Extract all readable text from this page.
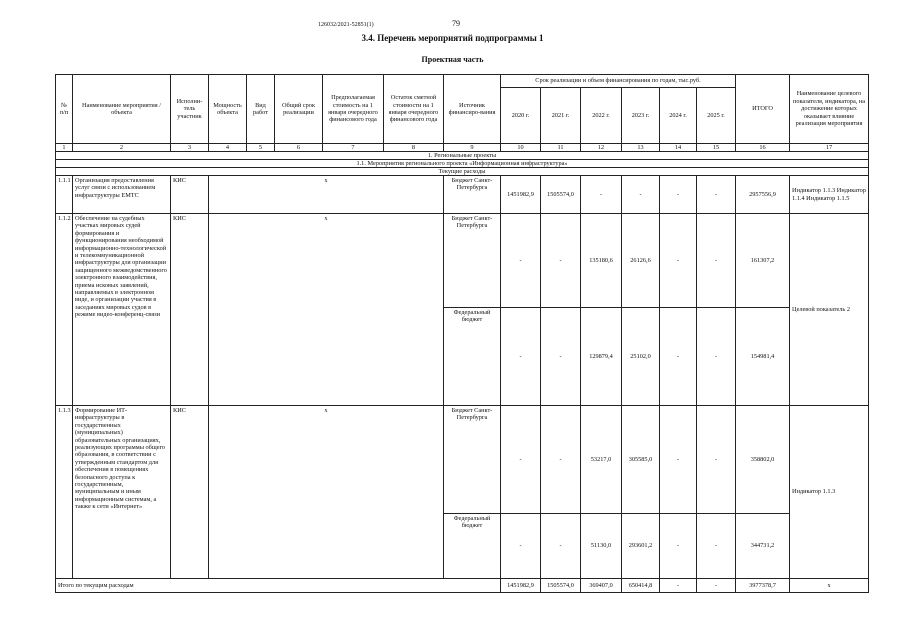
126032/2021-52851(1)	79
3.4. Перечень мероприятий подпрограммы 1
Проектная часть
№ п/п	Наименование мероприятия /объекта	Исполни-тель участник	Мощность объекта	Вид работ	Общий срок реализации	Предполагаемая стоимость на 1 января очередного финансового года	Остаток сметной стоимости на 1 января очередного финансового года	Источник финансиро-вания	Срок реализации и объем финансирования по годам, тыс.руб.						ИТОГО	Наименование целевого показателя, индикатора, на достижение которых оказывает влияние реализация мероприятия
									2020 г.	2021 г.	2022 г.	2023 г.	2024 г.	2025 г.		
1	2	3	4	5	6	7	8	9	10	11	12	13	14	15	16	17
1. Региональные проекты																
1.1. Мероприятия регионального проекта «Информационная инфраструктура»																
Текущие расходы																
1.1.1	Организация предоставления услуг связи с использованием инфраструктуры ЕМТС	КИС	x					Бюджет Санкт-Петербурга	1451982,9	1505574,0	-	-	-	-	2957556,9	Индикатор 1.1.3 Индикатор 1.1.4 Индикатор 1.1.5
1.1.2	Обеспечение на судебных участках мировых судей формирования и функционирования необходимой информационно-технологической и телекоммуникационной инфраструктуры для организации защищенного межведомственного электронного взаимодействия, приема исковых заявлений, направляемых в электронном виде, и организации участия в заседаниях мировых судов в режиме видео-конференц-связи	КИС	x					Бюджет Санкт-Петербурга	-	-	135180,6	26126,6	-	-	161307,2	Целевой показатель 2
								Федеральный бюджет	-	-	129879,4	25102,0	-	-	154981,4	
1.1.3	Формирование ИТ-инфраструктуры в государственных (муниципальных) образовательных организациях, реализующих программы общего образования, в соответствии с утвержденным стандартом для обеспечения в помещениях безопасного доступа к государственным, муниципальным и иным информационным системам, а также к сети «Интернет»	КИС	x					Бюджет Санкт-Петербурга	-	-	53217,0	305585,0	-	-	358802,0	Индикатор 1.1.3
								Федеральный бюджет	-	-	51130,0	293601,2	-	-	344731,2	
Итого по текущим расходам									1451982,9	1505574,0	369407,0	650414,8	-	-	3977378,7	x
